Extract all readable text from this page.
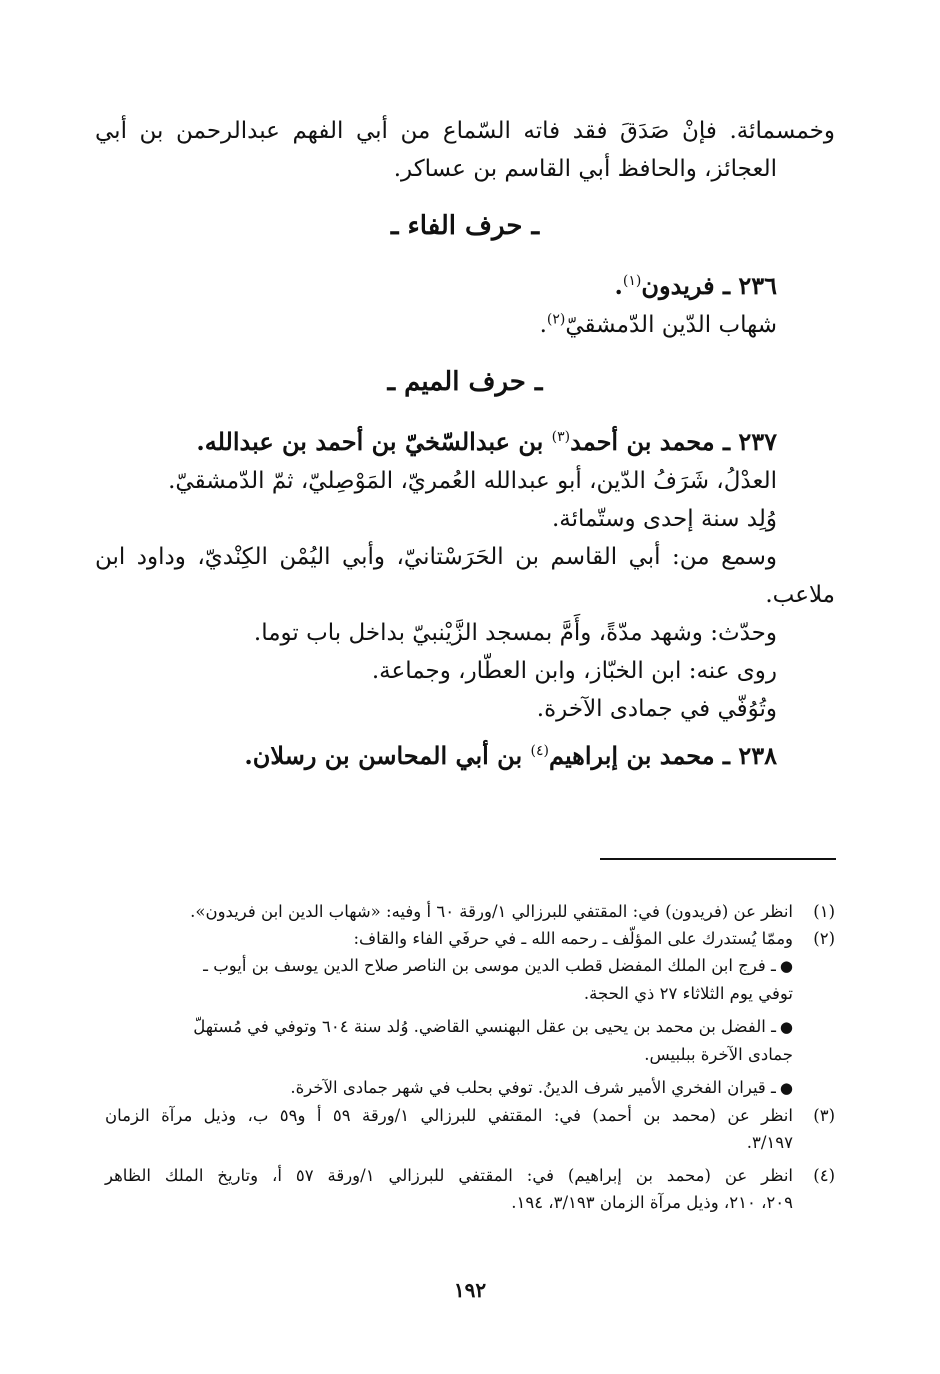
وخمسمائة. فإنْ صَدَقَ فقد فاته السّماع من أبي الفهم عبدالرحمن بن أبي
العجائز، والحافظ أبي القاسم بن عساكر.
ـ حرف الفاء ـ
٢٣٦ ـ فريدون$^{(١)}$.
شهاب الدّين الدّمشقيّ$^{(٢)}$.
ـ حرف الميم ـ
٢٣٧ ـ محمد بن أحمد$^{(٣)}$ بن عبدالسّخيّ بن أحمد بن عبدالله.
العدْلُ، شَرَفُ الدّين، أبو عبدالله العُمريّ، المَوْصِليّ، ثمّ الدّمشقيّ.
وُلِد سنة إحدى وستّمائة.
وسمع من: أبي القاسم بن الحَرَسْتانيّ، وأبي اليُمْن الكِنْديّ، وداود ابن
ملاعب.
وحدّث: وشهد مدّةً، وأَمَّ بمسجد الزَّيْنبيّ بداخل باب توما.
روى عنه: ابن الخبّاز، وابن العطّار، وجماعة.
وتُوُفّي في جمادى الآخرة.
٢٣٨ ـ محمد بن إبراهيم$^{(٤)}$ بن أبي المحاسن بن رسلان.
(١)
انظر عن (فريدون) في: المقتفي للبرزالي ١/ورقة ٦٠ أ وفيه: «شهاب الدين ابن فريدون».
(٢)
وممّا يُستدرك على المؤلّف ـ رحمه الله ـ في حرفَي الفاء والقاف:
●ـ فرج ابن الملك المفضل قطب الدين موسى بن الناصر صلاح الدين يوسف بن أيوب ـ
توفي يوم الثلاثاء ٢٧ ذي الحجة.
●ـ الفضل بن محمد بن يحيى بن عقل البهنسي القاضي. وُلد سنة ٦٠٤ وتوفي في مُستهلّ
جمادى الآخرة ببلبيس.
●ـ قيران الفخري الأمير شرف الدينُ. توفي بحلب في شهر جمادى الآخرة.
(٣)
انظر عن (محمد بن أحمد) في: المقتفي للبرزالي ١/ورقة ٥٩ أ و٥٩ ب، وذيل مرآة الزمان
٣/١٩٧.
(٤)
انظر عن (محمد بن إبراهيم) في: المقتفي للبرزالي ١/ورقة ٥٧ أ، وتاريخ الملك الظاهر
٢٠٩، ٢١٠، وذيل مرآة الزمان ٣/١٩٣، ١٩٤.
١٩٢
